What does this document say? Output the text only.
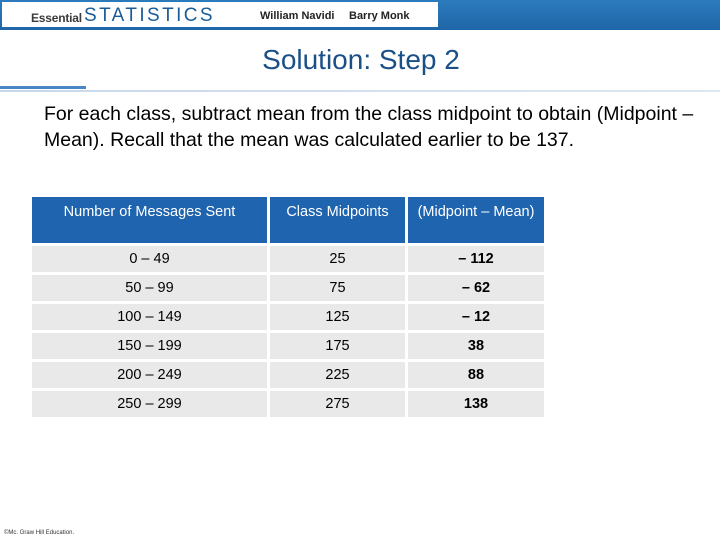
Essential STATISTICS	William Navidi Barry Monk
Solution: Step 2

For each class, subtract mean from the class midpoint to obtain (Midpoint – Mean). Recall that the mean was calculated earlier to be 137.

Number of Messages Sent	Class Midpoints	(Midpoint – Mean)
0 – 49	25	– 112
50 – 99	75	– 62
100 – 149	125	– 12
150 – 199	175	38
200 – 249	225	88
250 – 299	275	138
©Mc. Graw Hill Education.
